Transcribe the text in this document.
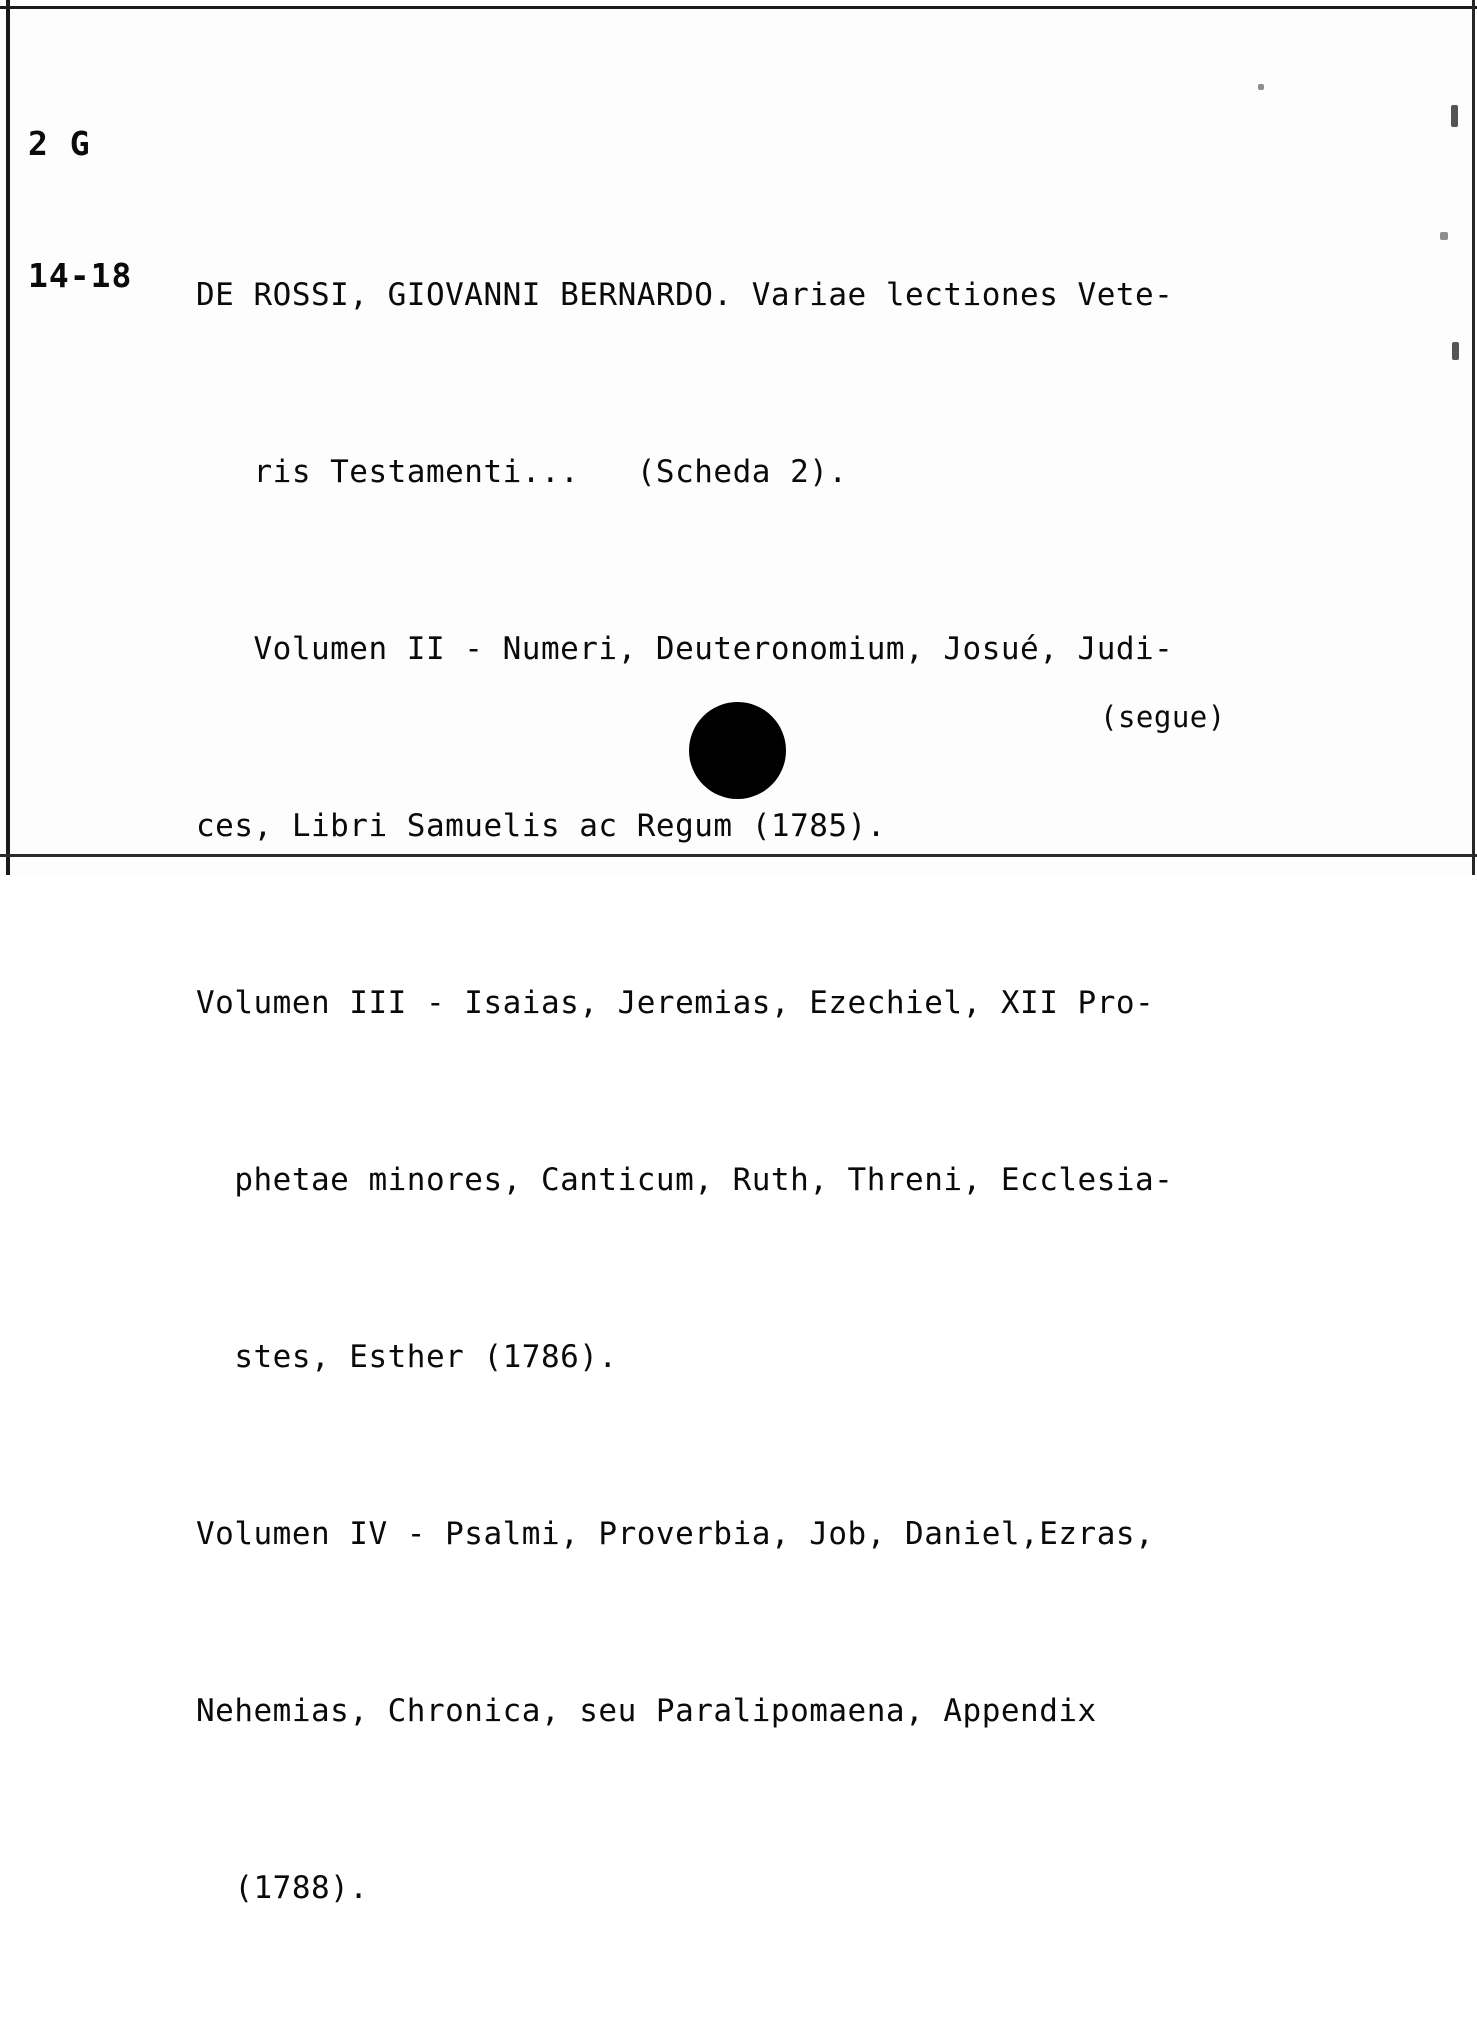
2 G

14-18

DE ROSSI, GIOVANNI BERNARDO. Variae lectiones Vete-

ris Testamenti...   (Scheda 2).

Volumen II - Numeri, Deuteronomium, Josué, Judi-

ces, Libri Samuelis ac Regum (1785).

Volumen III - Isaias, Jeremias, Ezechiel, XII Pro-

phetae minores, Canticum, Ruth, Threni, Ecclesia-

stes, Esther (1786).

Volumen IV - Psalmi, Proverbia, Job, Daniel,Ezras,

Nehemias, Chronica, seu Paralipomaena, Appendix

(1788).

(segue)
